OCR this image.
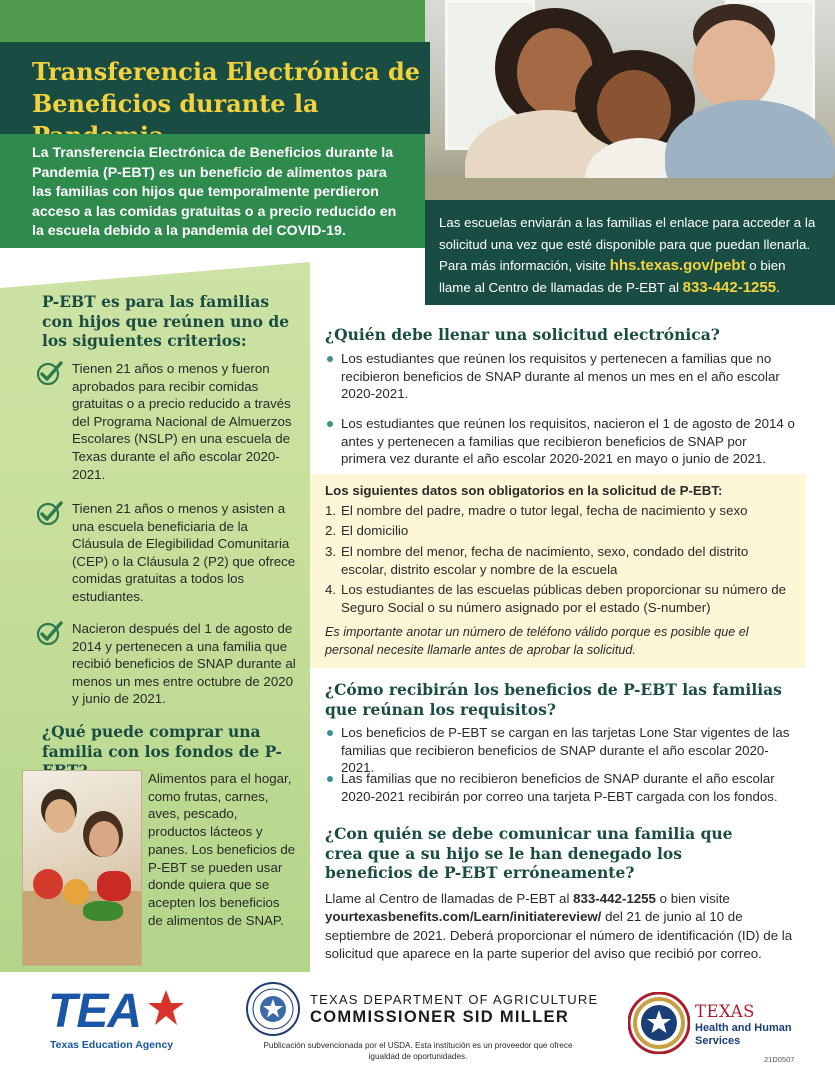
Transferencia Electrónica de
Beneficios durante la

La Transferencia Electrónica de Beneficios durante la Pandemia (P-EBT) es un beneficio de alimentos para las familias con hijos que temporalmente perdieron acceso a las comidas gratuitas o a precio reducido en la escuela debido a la pandemia del COVID-19.

Las escuelas enviarán a las familias el enlace para acceder a la solicitud una vez que esté disponible para que puedan llenarla. Para más información, visite hhs.texas.gov/pebt o bien llame al Centro de llamadas de P-EBT al 833-442-1255.

P-EBT es para las familias con hijos que reúnen uno de los siguientes criterios:

Tienen 21 años o menos y fueron aprobados para recibir comidas gratuitas o a precio reducido a través del Programa Nacional de Almuerzos Escolares (NSLP) en una escuela de Texas durante el año escolar 2020-2021.

Tienen 21 años o menos y asisten a una escuela beneficiaria de la Cláusula de Elegibilidad Comunitaria (CEP) o la Cláusula 2 (P2) que ofrece comidas gratuitas a todos los estudiantes.

Nacieron después del 1 de agosto de 2014 y pertenecen a una familia que recibió beneficios de SNAP durante al menos un mes entre octubre de 2020 y junio de 2021.

¿Qué puede comprar una familia con los fondos de P-
Alimentos para el hogar, como frutas, carnes, aves, pescado, productos lácteos y panes. Los beneficios de P-EBT se pueden usar donde quiera que se acepten los beneficios de alimentos de SNAP.
¿Quién debe llenar una solicitud electrónica?
Los estudiantes que reúnen los requisitos y pertenecen a familias que no recibieron beneficios de SNAP durante al menos un mes en el año escolar 2020-2021.
Los estudiantes que reúnen los requisitos, nacieron el 1 de agosto de 2014 o antes y pertenecen a familias que recibieron beneficios de SNAP por primera vez durante el año escolar 2020-2021 en mayo o junio de 2021.
Los siguientes datos son obligatorios en la solicitud de P-EBT:
1. El nombre del padre, madre o tutor legal, fecha de nacimiento y sexo
2. El domicilio
3. El nombre del menor, fecha de nacimiento, sexo, condado del distrito escolar, distrito escolar y nombre de la escuela
4. Los estudiantes de las escuelas públicas deben proporcionar su número de Seguro Social o su número asignado por el estado (S-number)
Es importante anotar un número de teléfono válido porque es posible que el personal necesite llamarle antes de aprobar la solicitud.
¿Cómo recibirán los beneficios de P-EBT las familias que reúnan los requisitos?
Los beneficios de P-EBT se cargan en las tarjetas Lone Star vigentes de las familias que recibieron beneficios de SNAP durante el año escolar 2020-2021.
Las familias que no recibieron beneficios de SNAP durante el año escolar 2020-2021 recibirán por correo una tarjeta P-EBT cargada con los fondos.
¿Con quién se debe comunicar una familia que crea que a su hijo se le han denegado los beneficios de P-EBT erróneamente?
Llame al Centro de llamadas de P-EBT al 833-442-1255 o bien visite yourtexasbenefits.com/Learn/initiatereview/ del 21 de junio al 10 de septiembre de 2021. Deberá proporcionar el número de identificación (ID) de la solicitud que aparece en la parte superior del aviso que recibió por correo.
TEA
Texas Education Agency
TEXAS DEPARTMENT OF AGRICULTURE
COMMISSIONER SID MILLER
Publicación subvencionada por el USDA. Esta institución es un proveedor que ofrece igualdad de oportunidades.
TEXAS
Health and Human Services
21D0507
